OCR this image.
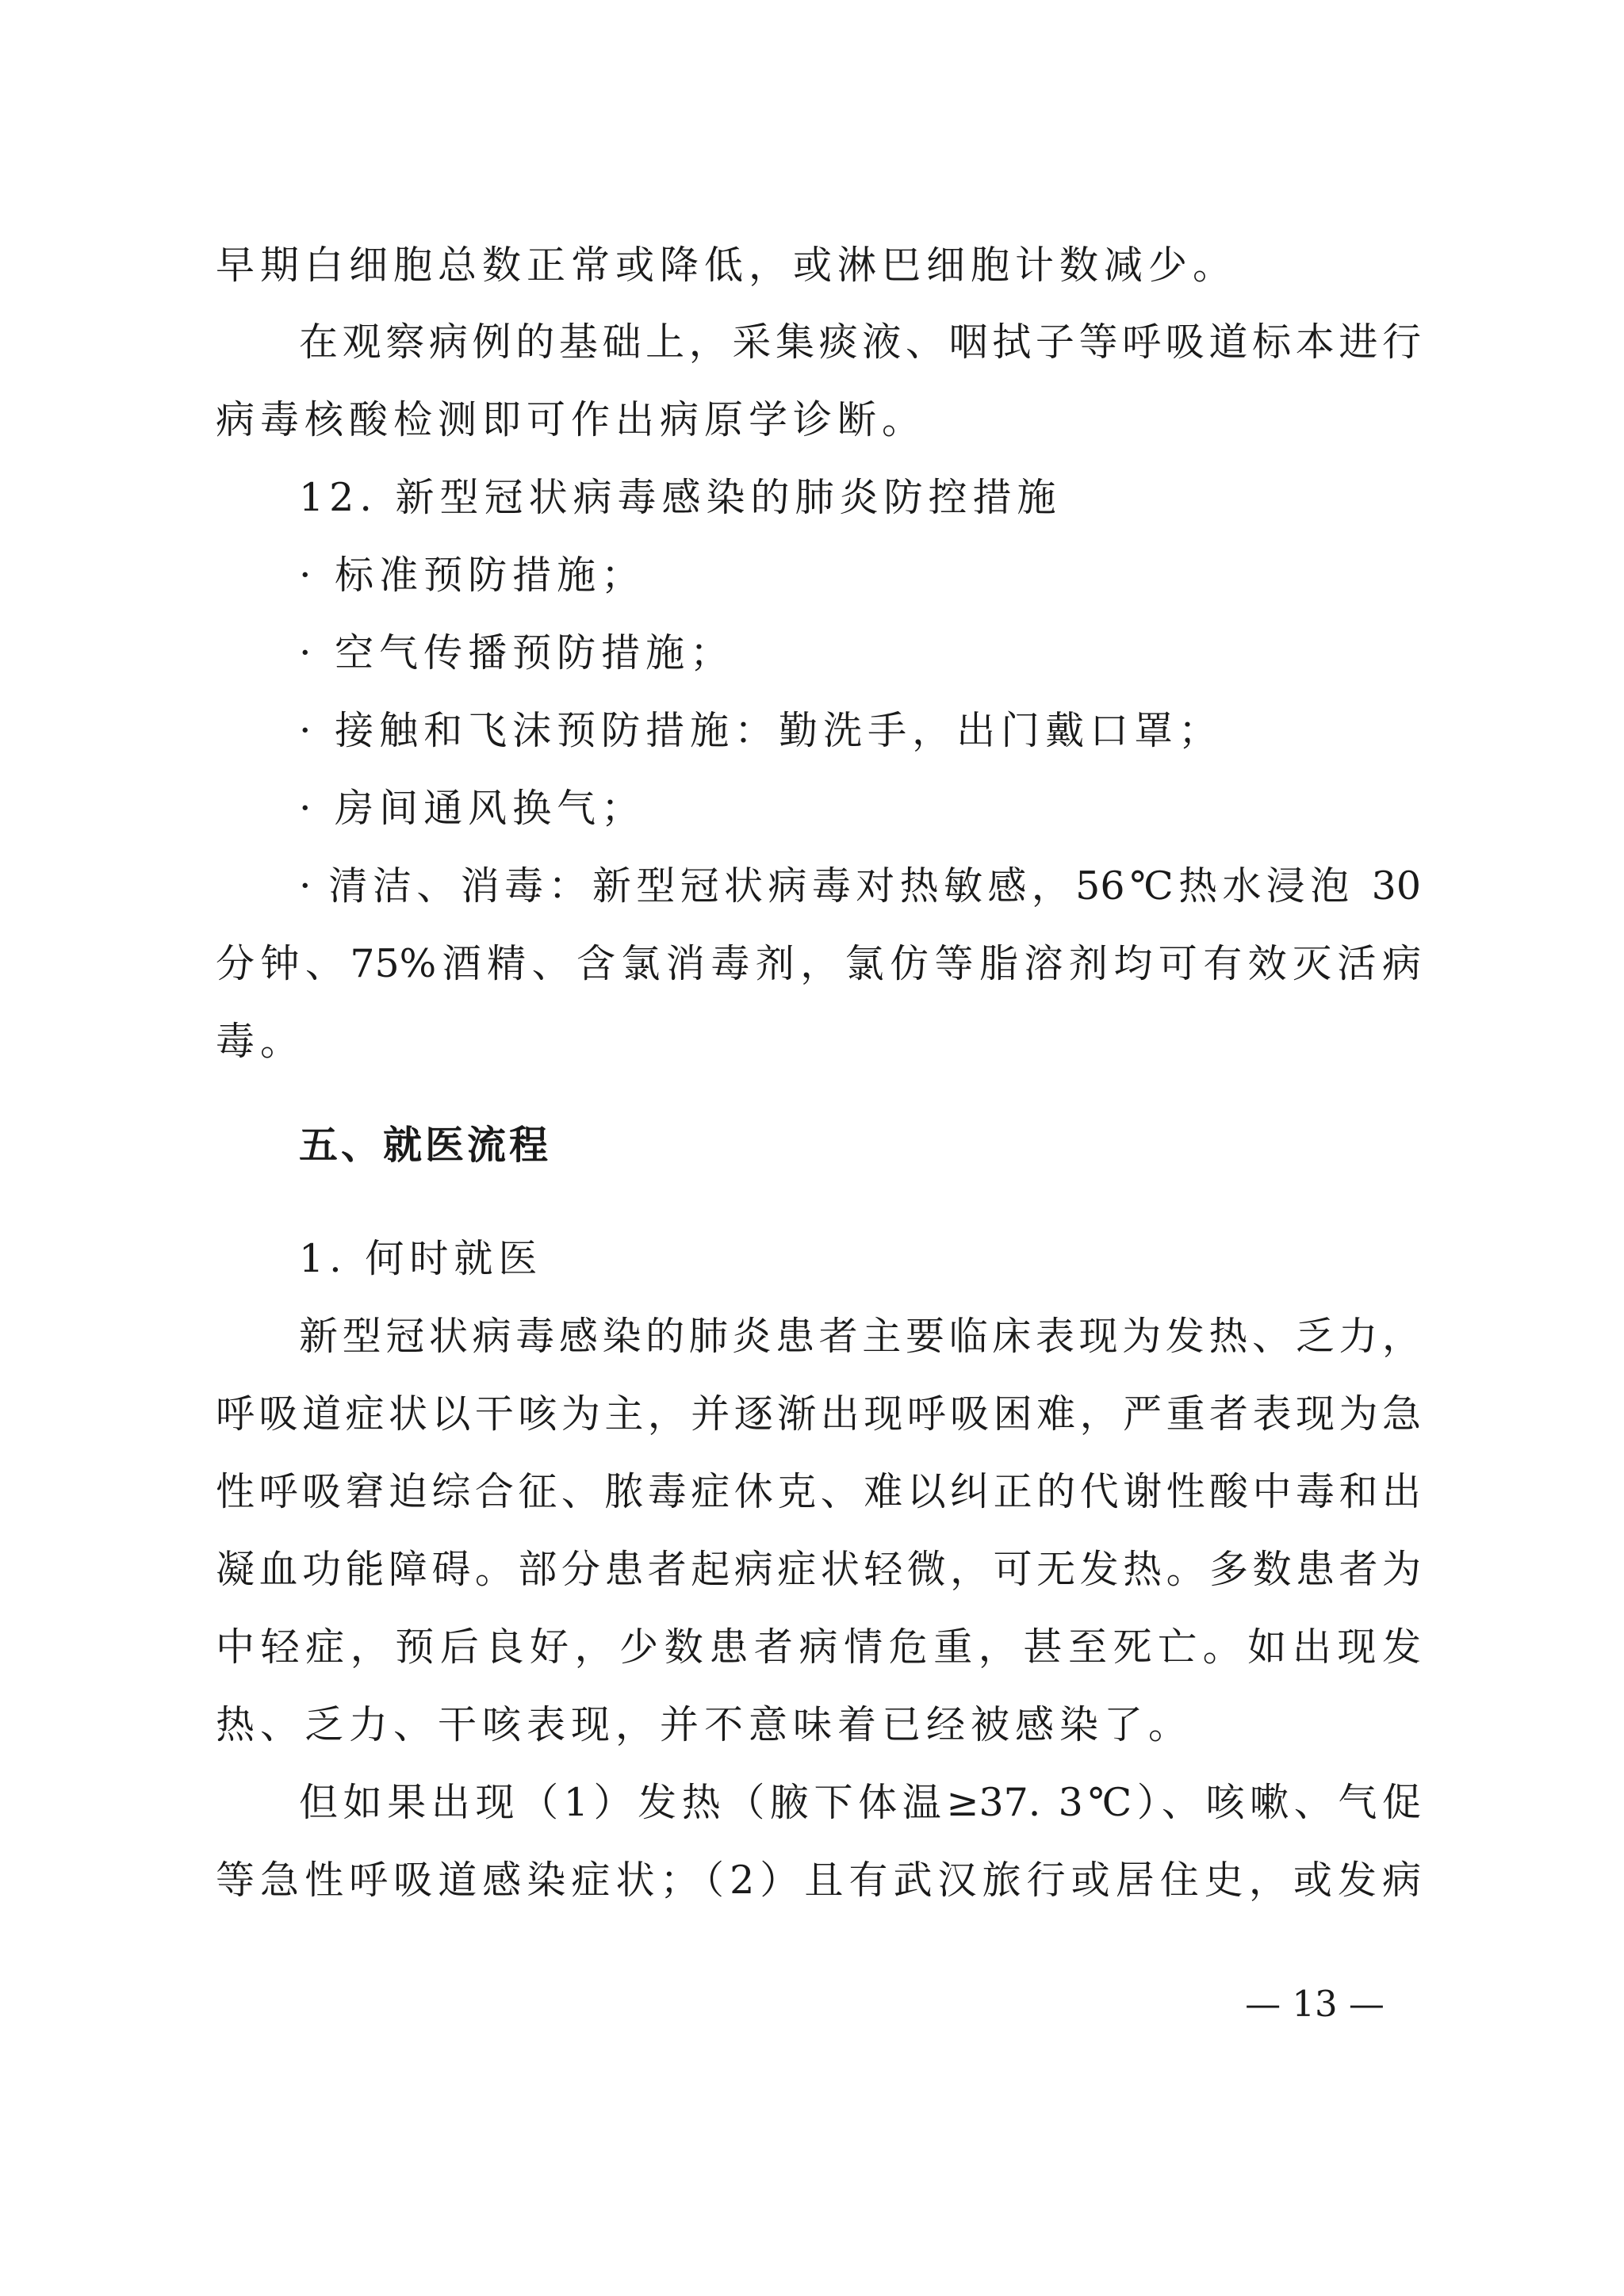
早期白细胞总数正常或降低，或淋巴细胞计数减少。
在观察病例的基础上，采集痰液、咽拭子等呼吸道标本进行
病毒核酸检测即可作出病原学诊断。
12. 新型冠状病毒感染的肺炎防控措施
· 标准预防措施；
· 空气传播预防措施；
· 接触和飞沫预防措施：勤洗手，出门戴口罩；
· 房间通风换气；
· 清洁、消毒：新型冠状病毒对热敏感，56℃热水浸泡 30
分钟、75%酒精、含氯消毒剂，氯仿等脂溶剂均可有效灭活病
毒。
五、就医流程
1. 何时就医
新型冠状病毒感染的肺炎患者主要临床表现为发热、乏力，
呼吸道症状以干咳为主，并逐渐出现呼吸困难，严重者表现为急
性呼吸窘迫综合征、脓毒症休克、难以纠正的代谢性酸中毒和出
凝血功能障碍。部分患者起病症状轻微，可无发热。多数患者为
中轻症，预后良好，少数患者病情危重，甚至死亡。如出现发
热、乏力、干咳表现，并不意味着已经被感染了。
但如果出现（1）发热（腋下体温≥37. 3℃）、咳嗽、气促
等急性呼吸道感染症状；（2）且有武汉旅行或居住史，或发病
— 13 —
